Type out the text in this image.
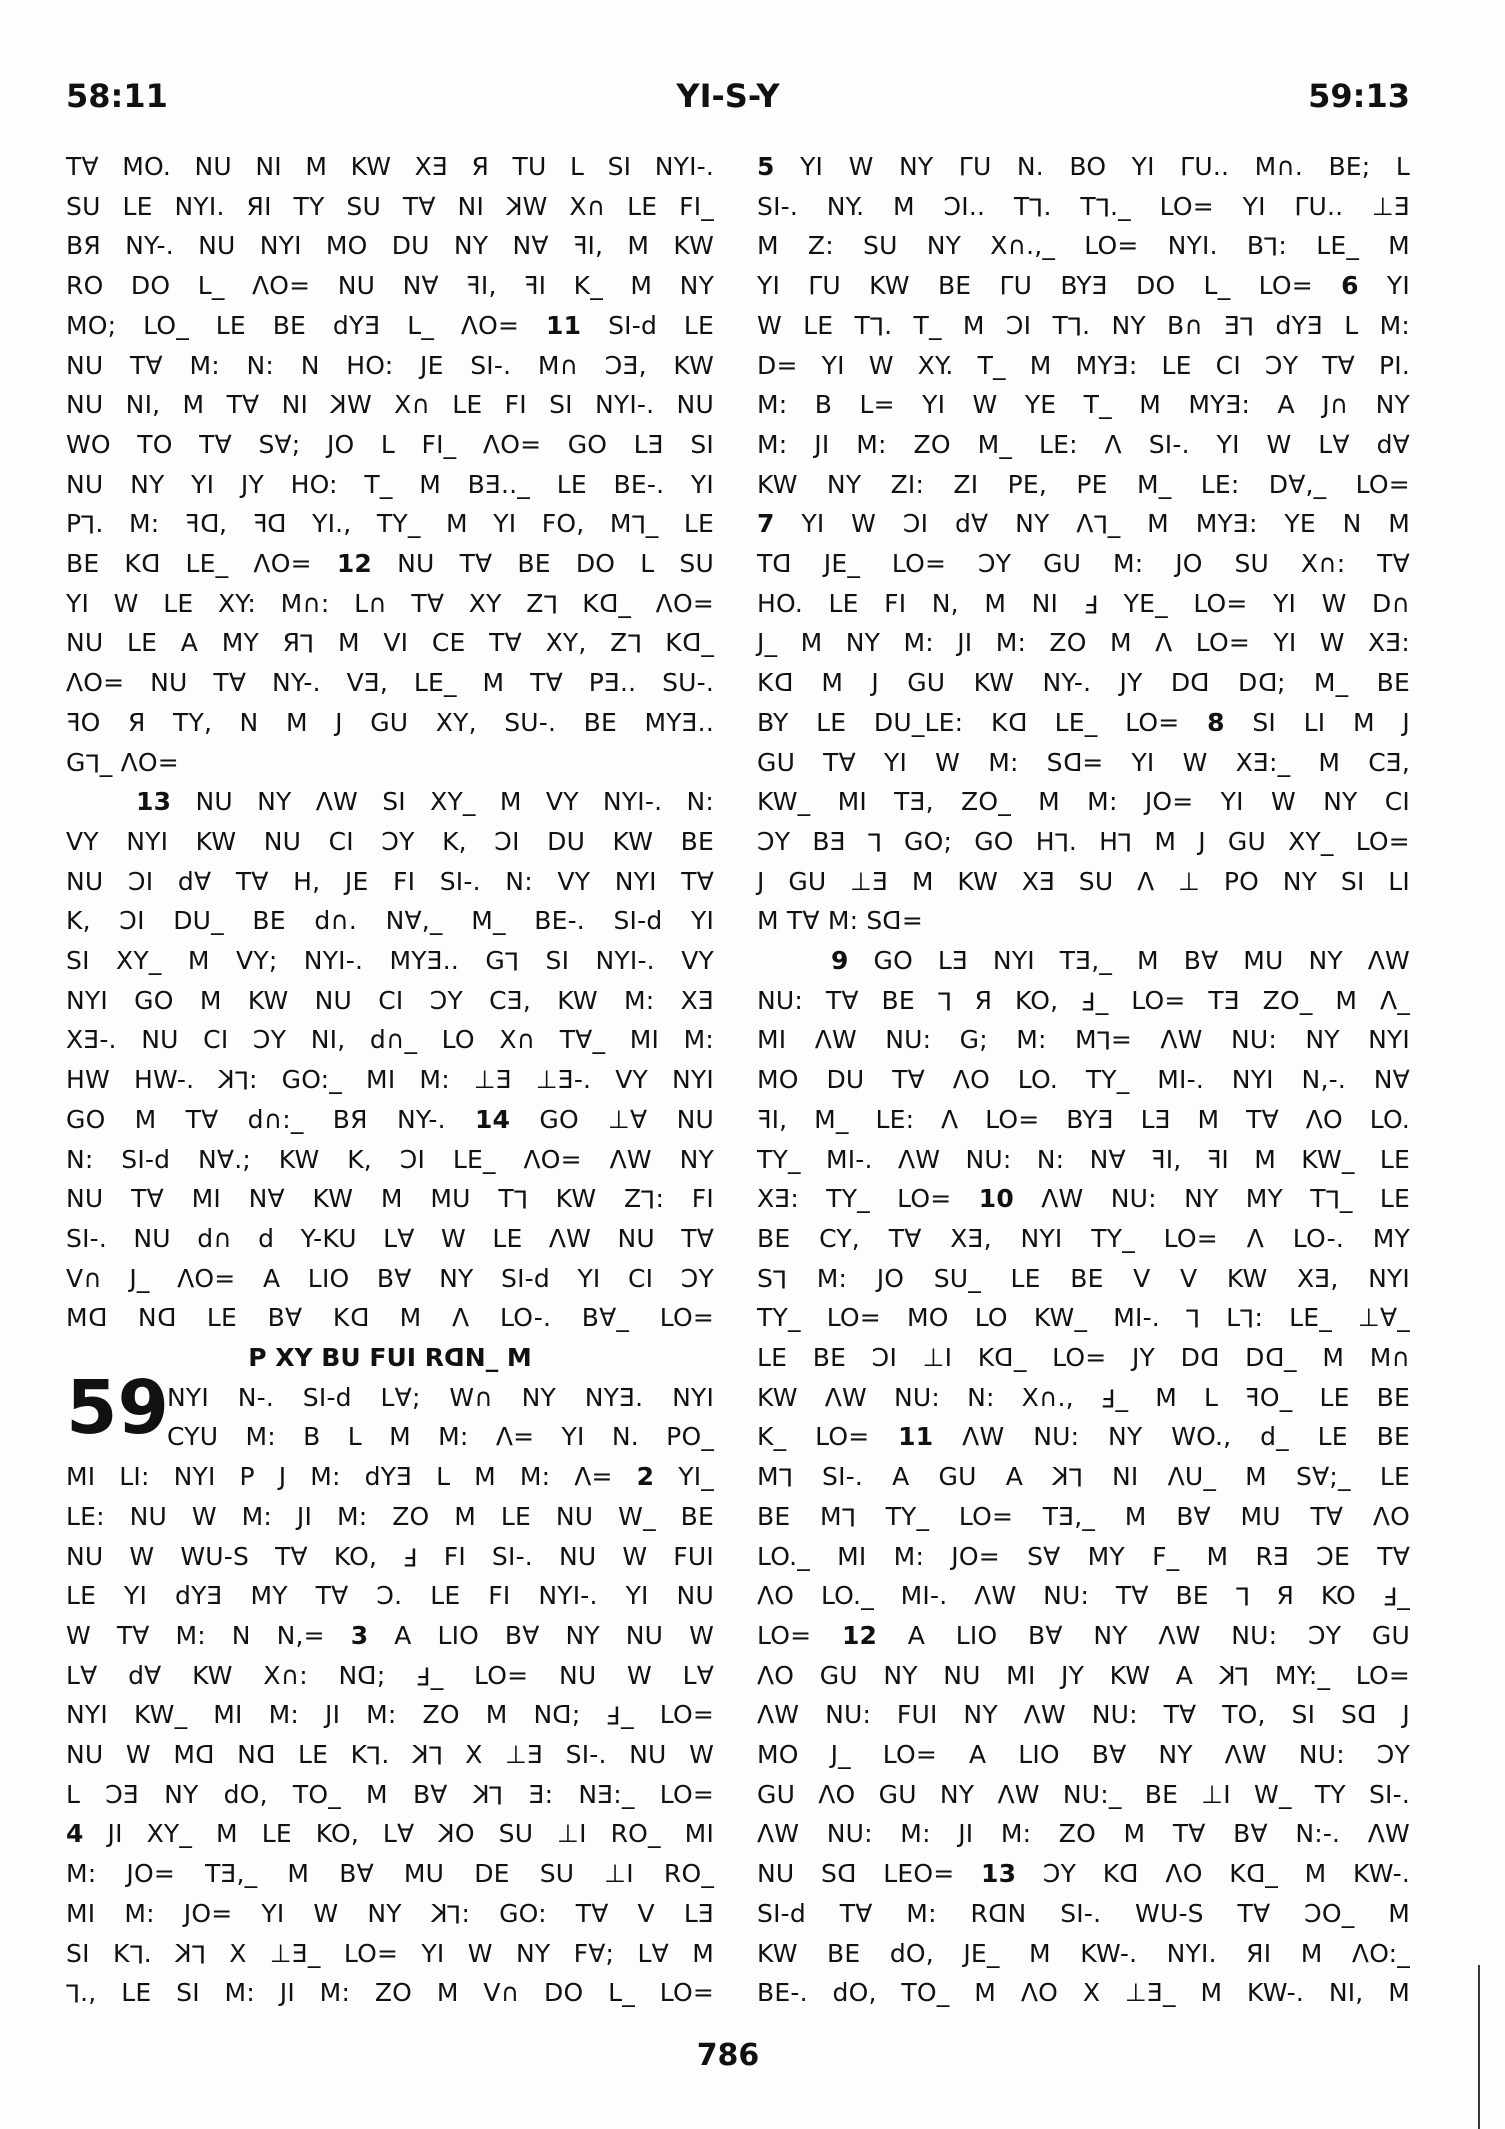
58:11	YI-S-Y	59:13
P XY BU FUI RDN_ M
59
T∀ MO. NU NI M KW XƎ Я TU L SI NYI-.
SU LE NYI. ЯI TY SU T∀ NI KW X∩ LE FI_
BЯ NY-. NU NYI MO DU NY N∀ FI, M KW
RO DO L_ ΛO= NU N∀ FI, FI K_ M NY
MO; LO_ LE BE dYƎ L_ ΛO= 11 SI-d LE
NU T∀ M: N: N HO: JE SI-. M∩ ƆƎ, KW
NU NI, M T∀ NI KW X∩ LE FI SI NYI-. NU
WO TO T∀ S∀; JO L FI_ ΛO= GO LƎ SI
NU NY YI JY HO: T_ M BƎ.._ LE BE-. YI
PL. M: FD, FD YI., TY_ M YI FO, ML_ LE
BE KD LE_ ΛO= 12 NU T∀ BE DO L SU
YI W LE XY: M∩: L∩ T∀ XY ZL KD_ ΛO=
NU LE A MY ЯL M VI CE T∀ XY, ZL KD_
ΛO= NU T∀ NY-. VƎ, LE_ M T∀ PƎ.. SU-.
FO Я TY, N M J GU XY, SU-. BE MYƎ..
GL_ ΛO=
13 NU NY ΛW SI XY_ M VY NYI-. N:
VY NYI KW NU CI ƆY K, ƆI DU KW BE
NU ƆI d∀ T∀ H, JE FI SI-. N: VY NYI T∀
K, ƆI DU_ BE d∩. N∀,_ M_ BE-. SI-d YI
SI XY_ M VY; NYI-. MYƎ.. GL SI NYI-. VY
NYI GO M KW NU CI ƆY CƎ, KW M: XƎ
XƎ-. NU CI ƆY NI, d∩_ LO X∩ T∀_ MI M:
HW HW-. KL: GO:_ MI M: ⊥Ǝ ⊥Ǝ-. VY NYI
GO M T∀ d∩:_ BЯ NY-. 14 GO ⊥∀ NU
N: SI-d N∀.; KW K, ƆI LE_ ΛO= ΛW NY
NU T∀ MI N∀ KW M MU TL KW ZL: FI
SI-. NU d∩ d Y-KU L∀ W LE ΛW NU T∀
V∩ J_ ΛO= A LIO B∀ NY SI-d YI CI ƆY
MD ND LE B∀ KD M Λ LO-. B∀_ LO=
NYI N-. SI-d L∀; W∩ NY NYƎ. NYI
CYU M: B L M M: Λ= YI N. PO_
MI LI: NYI P J M: dYƎ L M M: Λ= 2 YI_
LE: NU W M: JI M: ZO M LE NU W_ BE
NU W WU-S T∀ KO, F FI SI-. NU W FUI
LE YI dYƎ MY T∀ Ɔ. LE FI NYI-. YI NU
W T∀ M: N N,= 3 A LIO B∀ NY NU W
L∀ d∀ KW X∩: ND; F_ LO= NU W L∀
NYI KW_ MI M: JI M: ZO M ND; F_ LO=
NU W MD ND LE KL. KL X ⊥Ǝ SI-. NU W
L ƆƎ NY dO, TO_ M B∀ KL Ǝ: NƎ:_ LO=
4 JI XY_ M LE KO, L∀ KO SU ⊥I RO_ MI
M: JO= TƎ,_ M B∀ MU DE SU ⊥I RO_
MI M: JO= YI W NY KL: GO: T∀ V LƎ
SI KL. KL X ⊥Ǝ_ LO= YI W NY F∀; L∀ M
L., LE SI M: JI M: ZO M V∩ DO L_ LO=
5 YI W NY ΓU N. BO YI ΓU.. M∩. BE; L
SI-. NY. M ƆI.. TL. TL._ LO= YI ΓU.. ⊥Ǝ
M Z: SU NY X∩.,_ LO= NYI. BL: LE_ M
YI ΓU KW BE ΓU BYƎ DO L_ LO= 6 YI
W LE TL. T_ M ƆI TL. NY B∩ ƎL dYƎ L M:
D= YI W XY. T_ M MYƎ: LE CI ƆY T∀ PI.
M: B L= YI W YE T_ M MYƎ: A J∩ NY
M: JI M: ZO M_ LE: Λ SI-. YI W L∀ d∀
KW NY ZI: ZI PE, PE M_ LE: D∀,_ LO=
7 YI W ƆI d∀ NY ΛL_ M MYƎ: YE N M
TD JE_ LO= ƆY GU M: JO SU X∩: T∀
HO. LE FI N, M NI F YE_ LO= YI W D∩
J_ M NY M: JI M: ZO M Λ LO= YI W XƎ:
KD M J GU KW NY-. JY DD DD; M_ BE
BY LE DU_LE: KD LE_ LO= 8 SI LI M J
GU T∀ YI W M: SD= YI W XƎ:_ M CƎ,
KW_ MI TƎ, ZO_ M M: JO= YI W NY CI
ƆY BƎ L GO; GO HL. HL M J GU XY_ LO=
J GU ⊥Ǝ M KW XƎ SU Λ ⊥ PO NY SI LI
M T∀ M: SD=
9 GO LƎ NYI TƎ,_ M B∀ MU NY ΛW
NU: T∀ BE L Я KO, F_ LO= TƎ ZO_ M Λ_
MI ΛW NU: G; M: ML= ΛW NU: NY NYI
MO DU T∀ ΛO LO. TY_ MI-. NYI N,-. N∀
FI, M_ LE: Λ LO= BYƎ LƎ M T∀ ΛO LO.
TY_ MI-. ΛW NU: N: N∀ FI, FI M KW_ LE
XƎ: TY_ LO= 10 ΛW NU: NY MY TL_ LE
BE CY, T∀ XƎ, NYI TY_ LO= Λ LO-. MY
SL M: JO SU_ LE BE V V KW XƎ, NYI
TY_ LO= MO LO KW_ MI-. L LL: LE_ ⊥∀_
LE BE ƆI ⊥I KD_ LO= JY DD DD_ M M∩
KW ΛW NU: N: X∩., F_ M L FO_ LE BE
K_ LO= 11 ΛW NU: NY WO., d_ LE BE
ML SI-. A GU A KL NI ΛU_ M S∀;_ LE
BE ML TY_ LO= TƎ,_ M B∀ MU T∀ ΛO
LO._ MI M: JO= S∀ MY F_ M RƎ ƆE T∀
ΛO LO._ MI-. ΛW NU: T∀ BE L Я KO F_
LO= 12 A LIO B∀ NY ΛW NU: ƆY GU
ΛO GU NY NU MI JY KW A KL MY:_ LO=
ΛW NU: FUI NY ΛW NU: T∀ TO, SI SD J
MO J_ LO= A LIO B∀ NY ΛW NU: ƆY
GU ΛO GU NY ΛW NU:_ BE ⊥I W_ TY SI-.
ΛW NU: M: JI M: ZO M T∀ B∀ N:-. ΛW
NU SD LEO= 13 ƆY KD ΛO KD_ M KW-.
SI-d T∀ M: RDN SI-. WU-S T∀ ƆO_ M
KW BE dO, JE_ M KW-. NYI. ЯI M ΛO:_
BE-. dO, TO_ M ΛO X ⊥Ǝ_ M KW-. NI, M
786
